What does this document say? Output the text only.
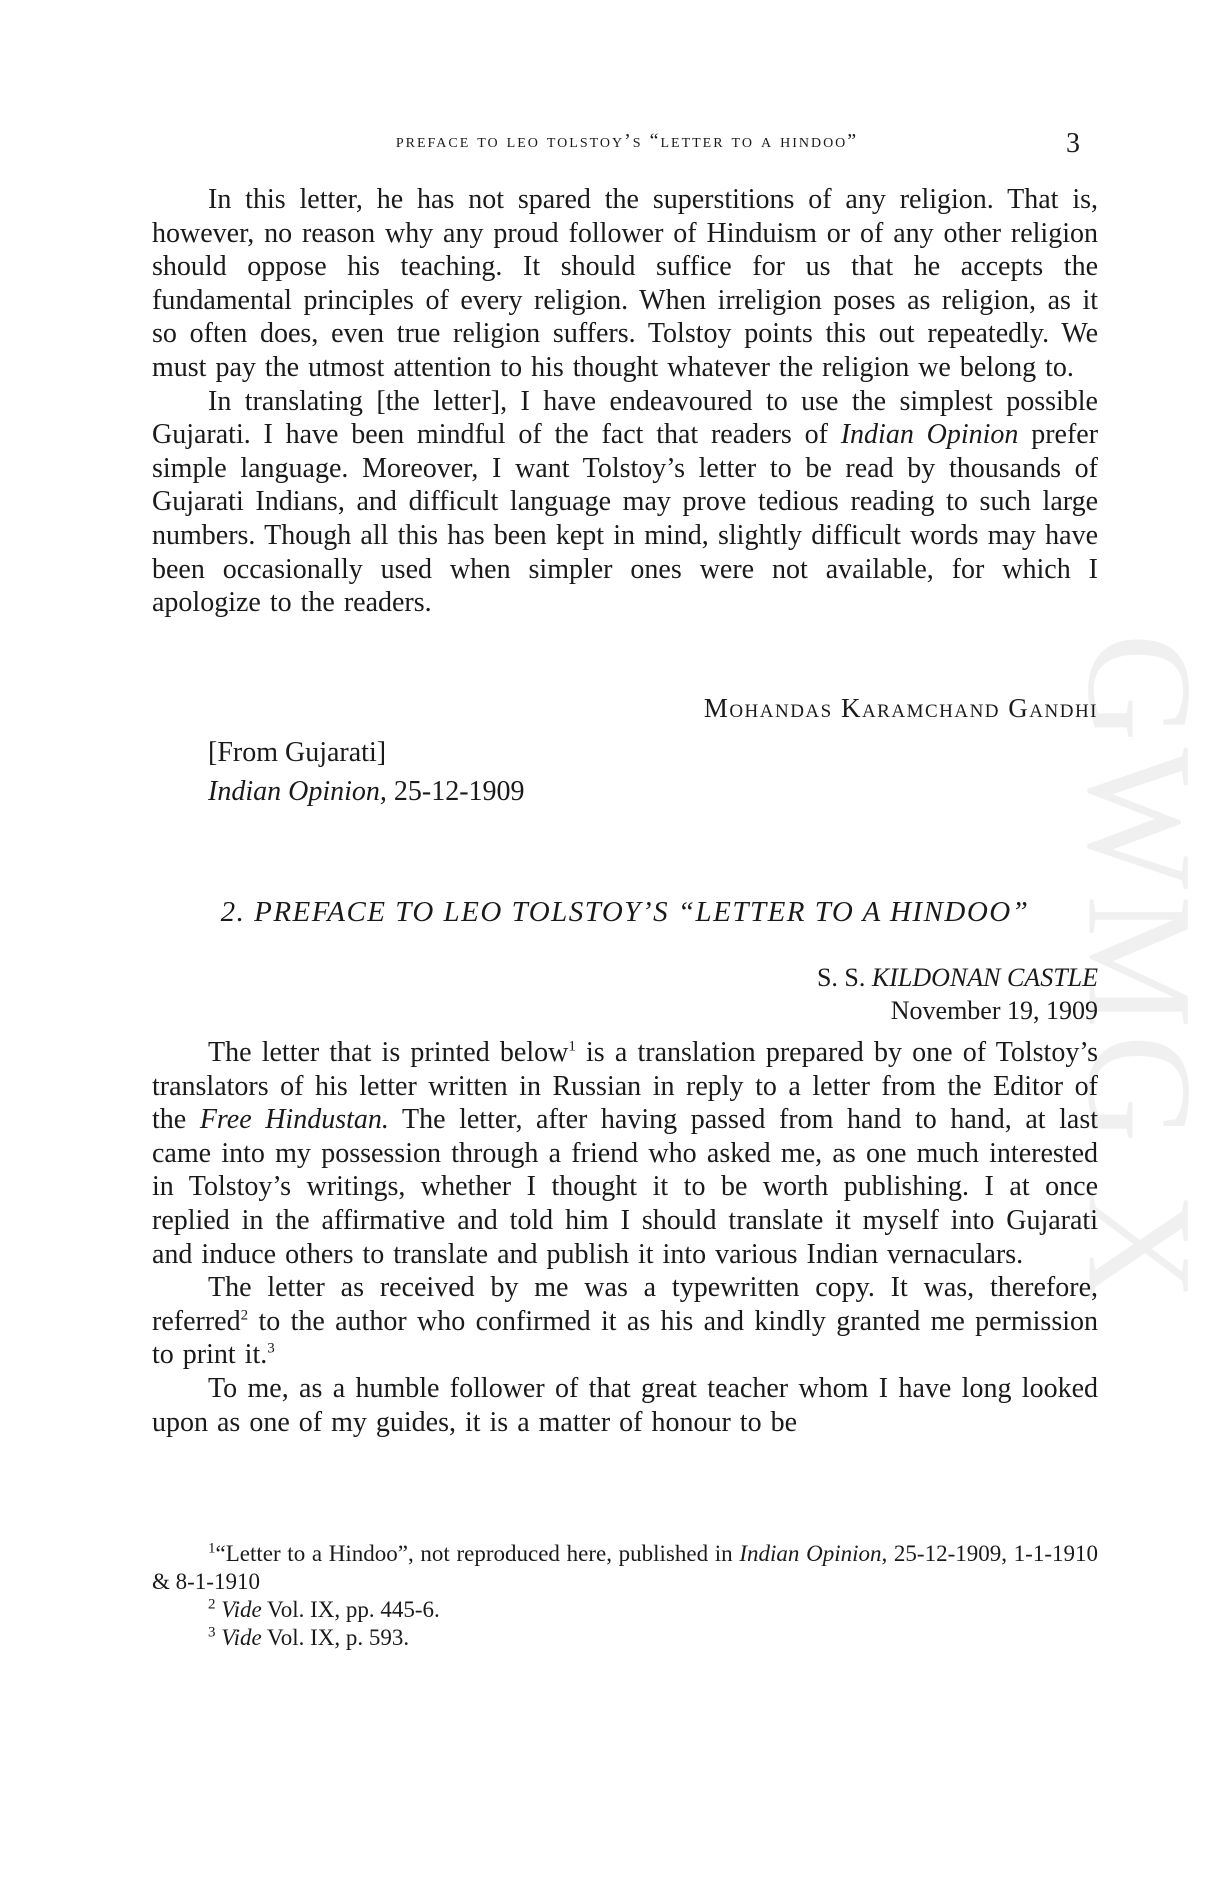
preface to leo tolstoy’s “letter to a hindoo”	3

In this letter, he has not spared the superstitions of any religion. That is, however, no reason why any proud follower of Hinduism or of any other religion should oppose his teaching. It should suffice for us that he accepts the fundamental principles of every religion. When irreligion poses as religion, as it so often does, even true religion suffers. Tolstoy points this out repeatedly. We must pay the utmost attention to his thought whatever the religion we belong to.

In translating [the letter], I have endeavoured to use the simplest possible Gujarati. I have been mindful of the fact that readers of Indian Opinion prefer simple language. Moreover, I want Tolstoy’s letter to be read by thousands of Gujarati Indians, and difficult language may prove tedious reading to such large numbers. Though all this has been kept in mind, slightly difficult words may have been occasionally used when simpler ones were not available, for which I apologize to the readers.

Mohandas Karamchand Gandhi
[From Gujarati]
Indian Opinion, 25-12-1909
2. PREFACE TO LEO TOLSTOY’S “LETTER TO A HINDOO”
S. S. KILDONAN CASTLE
November 19, 1909

The letter that is printed below$^1$ is a translation prepared by one of Tolstoy’s translators of his letter written in Russian in reply to a letter from the Editor of the Free Hindustan. The letter, after having passed from hand to hand, at last came into my possession through a friend who asked me, as one much interested in Tolstoy’s writings, whether I thought it to be worth publishing. I at once replied in the affirmative and told him I should translate it myself into Gujarati and induce others to translate and publish it into various Indian vernaculars.

The letter as received by me was a typewritten copy. It was, therefore, referred$^2$ to the author who confirmed it as his and kindly granted me permission to print it.$^3$

To me, as a humble follower of that great teacher whom I have long looked upon as one of my guides, it is a matter of honour to be

$^1$“Letter to a Hindoo”, not reproduced here, published in Indian Opinion, 25-12-1909, 1-1-1910 & 8-1-1910

$^2$ Vide Vol. IX, pp. 445-6.

$^3$ Vide Vol. IX, p. 593.

GWMG X
